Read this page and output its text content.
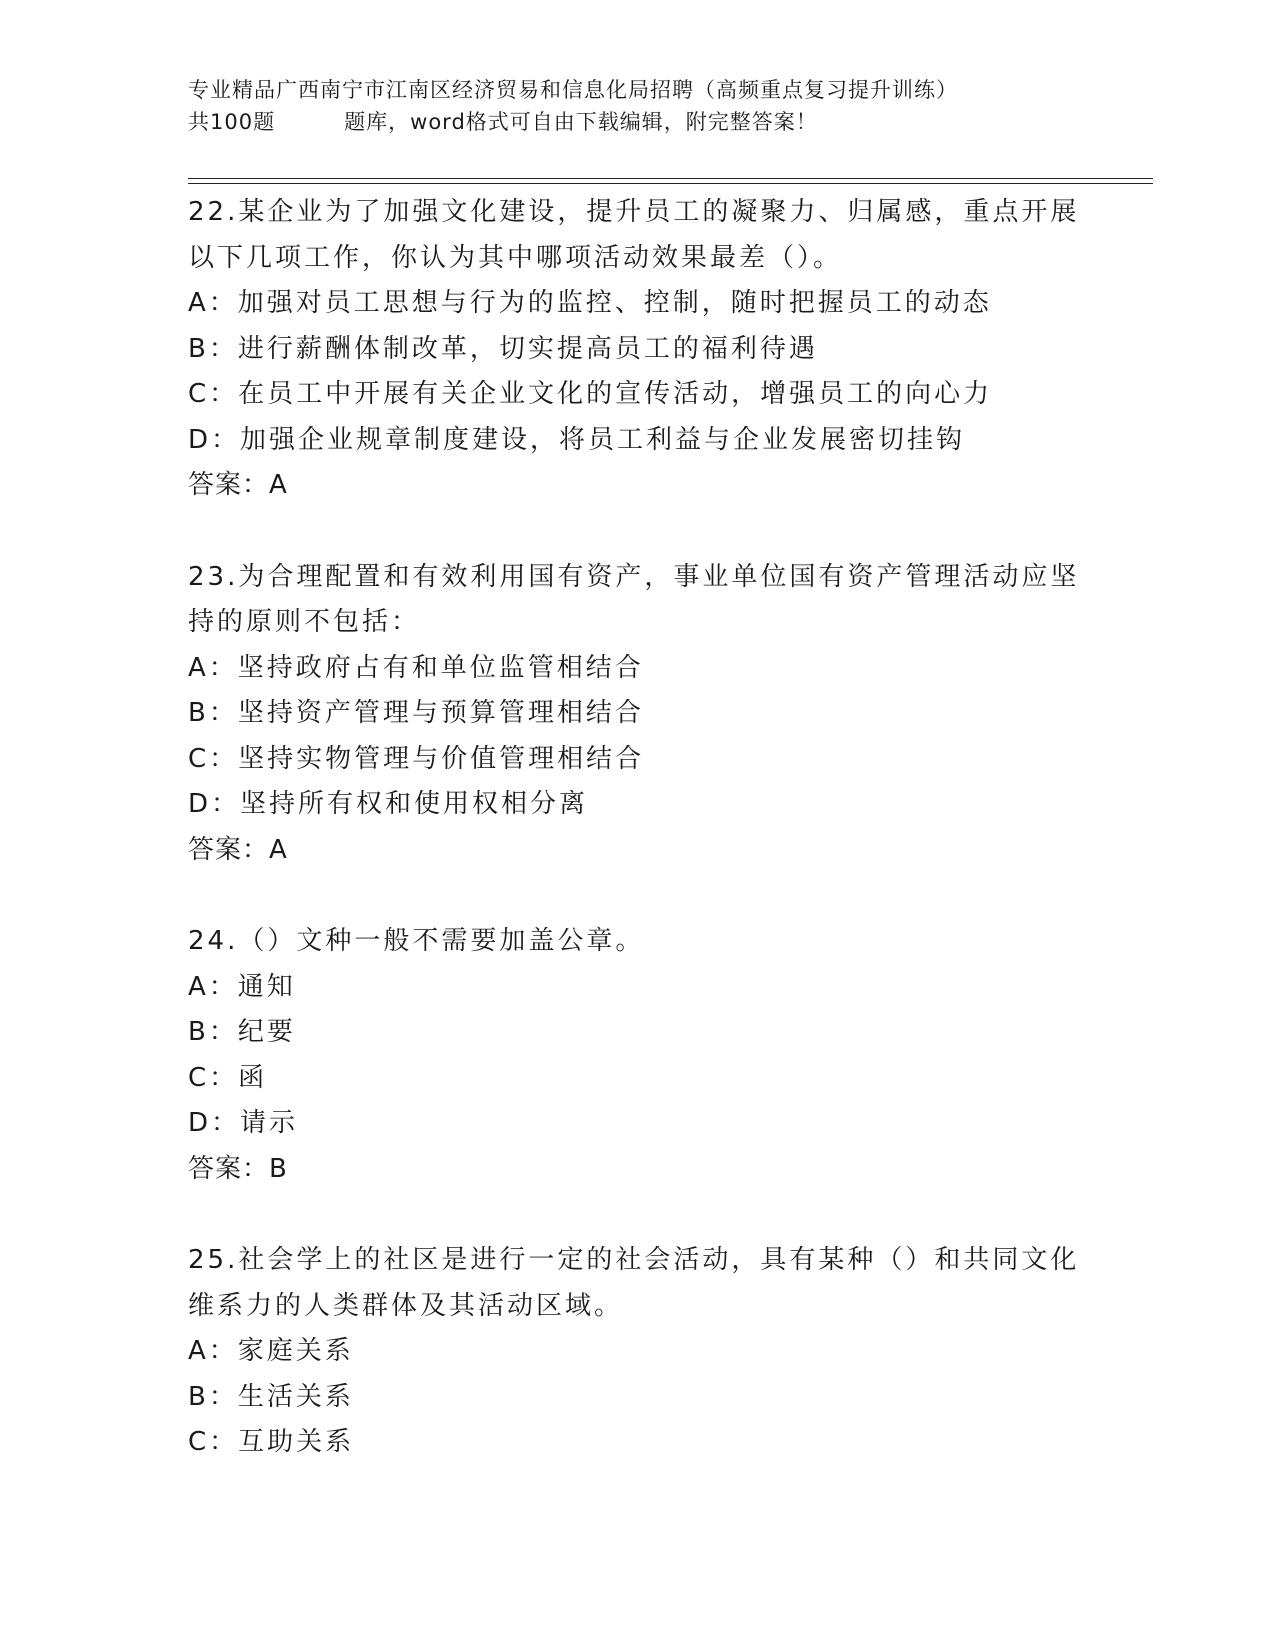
专业精品广西南宁市江南区经济贸易和信息化局招聘（高频重点复习提升训练）
共100题         题库，word格式可自由下载编辑，附完整答案！
22.某企业为了加强文化建设，提升员工的凝聚力、归属感，重点开展
以下几项工作，你认为其中哪项活动效果最差（）。
A：加强对员工思想与行为的监控、控制，随时把握员工的动态
B：进行薪酬体制改革，切实提高员工的福利待遇
C：在员工中开展有关企业文化的宣传活动，增强员工的向心力
D：加强企业规章制度建设，将员工利益与企业发展密切挂钩
答案：A
23.为合理配置和有效利用国有资产，事业单位国有资产管理活动应坚
持的原则不包括：
A：坚持政府占有和单位监管相结合
B：坚持资产管理与预算管理相结合
C：坚持实物管理与价值管理相结合
D：坚持所有权和使用权相分离
答案：A
24.（）文种一般不需要加盖公章。
A：通知
B：纪要
C：函
D：请示
答案：B
25.社会学上的社区是进行一定的社会活动，具有某种（）和共同文化
维系力的人类群体及其活动区域。
A：家庭关系
B：生活关系
C：互助关系
